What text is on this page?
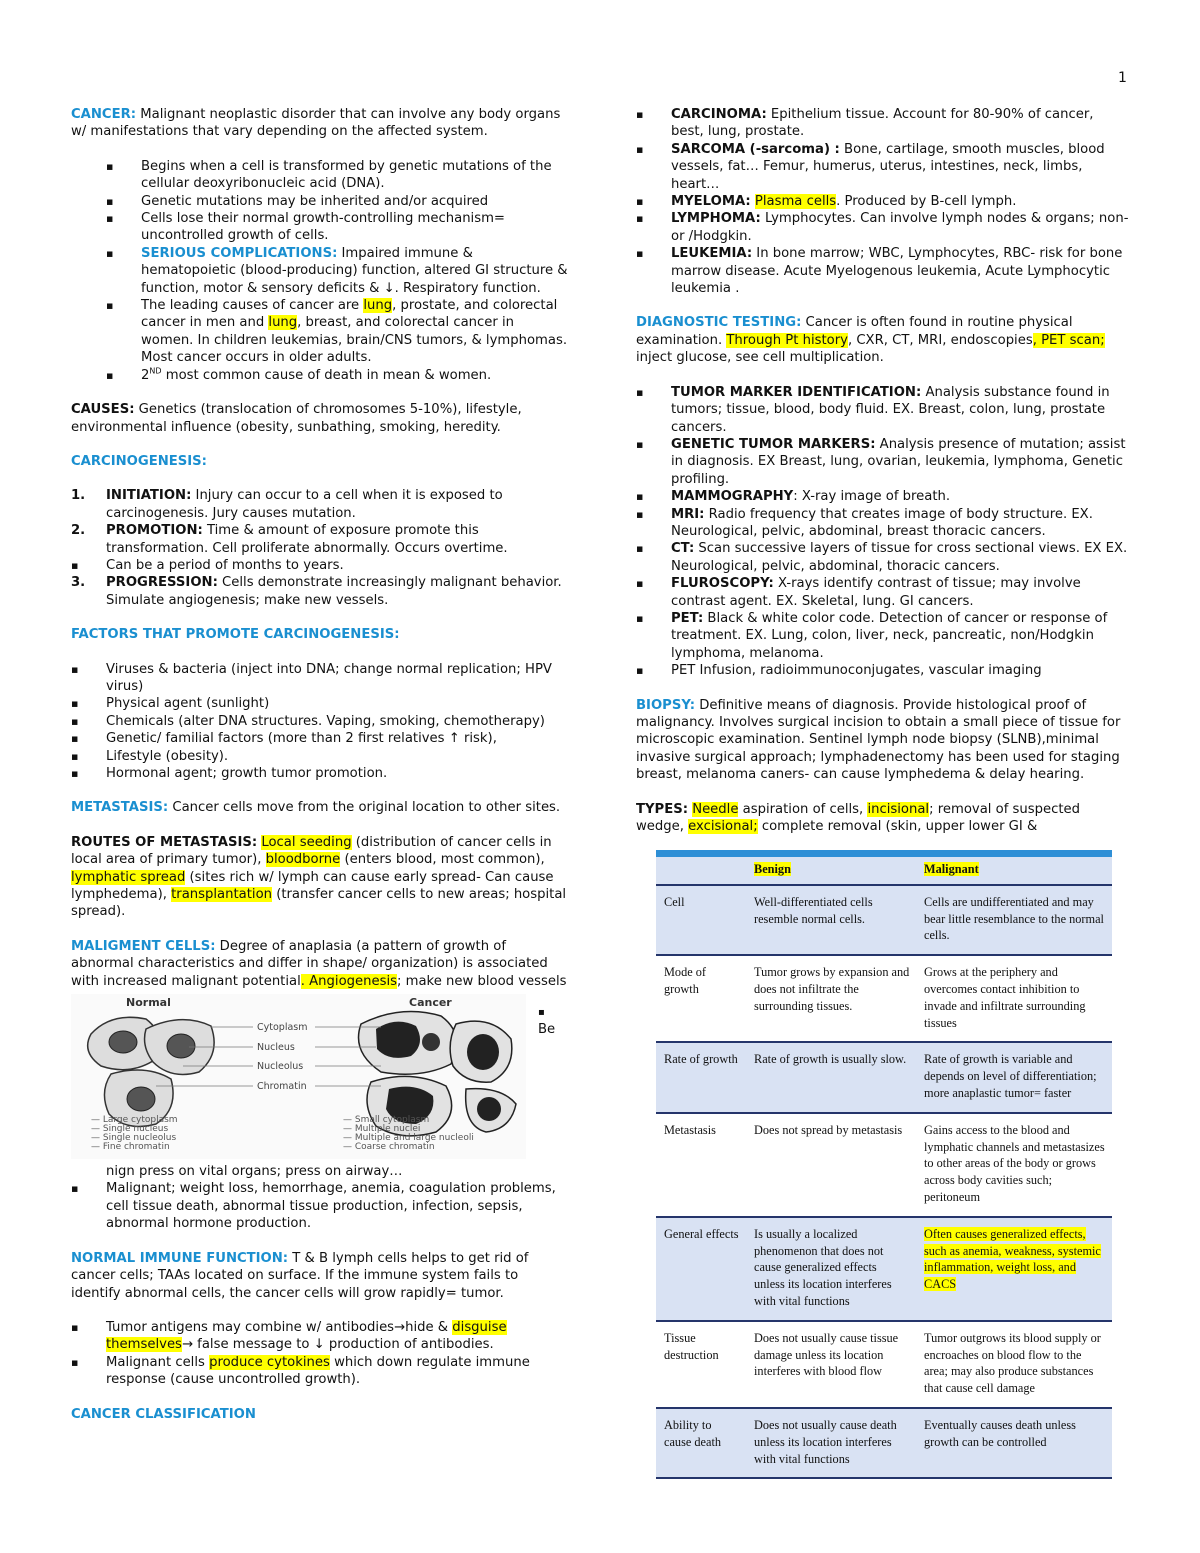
1

CANCER: Malignant neoplastic disorder that can involve any body organs w/ manifestations that vary depending on the affected system.

▪ Begins when a cell is transformed by genetic mutations of the cellular deoxyribonucleic acid (DNA).
▪ Genetic mutations may be inherited and/or acquired
▪ Cells lose their normal growth-controlling mechanism= uncontrolled growth of cells.
▪ SERIOUS COMPLICATIONS: Impaired immune & hematopoietic (blood-producing) function, altered GI structure & function, motor & sensory deficits & ↓. Respiratory function.
▪ The leading causes of cancer are lung, prostate, and colorectal cancer in men and lung, breast, and colorectal cancer in women. In children leukemias, brain/CNS tumors, & lymphomas. Most cancer occurs in older adults.
▪ 2ND most common cause of death in mean & women.

CAUSES: Genetics (translocation of chromosomes 5-10%), lifestyle, environmental influence (obesity, sunbathing, smoking, heredity.

CARCINOGENESIS:

1. INITIATION: Injury can occur to a cell when it is exposed to carcinogenesis. Jury causes mutation.
2. PROMOTION: Time & amount of exposure promote this transformation. Cell proliferate abnormally. Occurs overtime.
▪ Can be a period of months to years.
3. PROGRESSION: Cells demonstrate increasingly malignant behavior. Simulate angiogenesis; make new vessels.

FACTORS THAT PROMOTE CARCINOGENESIS:

▪ Viruses & bacteria (inject into DNA; change normal replication; HPV virus)
▪ Physical agent (sunlight)
▪ Chemicals (alter DNA structures. Vaping, smoking, chemotherapy)
▪ Genetic/ familial factors (more than 2 first relatives ↑ risk),
▪ Lifestyle (obesity).
▪ Hormonal agent; growth tumor promotion.

METASTASIS: Cancer cells move from the original location to other sites.

ROUTES OF METASTASIS: Local seeding (distribution of cancer cells in local area of primary tumor), bloodborne (enters blood, most common), lymphatic spread (sites rich w/ lymph can cause early spread- Can cause lymphedema), transplantation (transfer cancer cells to new areas; hospital spread).

MALIGMENT CELLS: Degree of anaplasia (a pattern of growth of abnormal characteristics and differ in shape/ organization) is associated with increased malignant potential. Angiogenesis; make new blood vessels

Normal	Cancer
Cytoplasm
Nucleus
Nucleolus
Chromatin
— Large cytoplasm
— Single nucleus
— Single nucleolus
— Fine chromatin
— Small cytoplasm
— Multiple nuclei
— Multiple and large nucleoli
— Coarse chromatin
▪
Be

nign press on vital organs; press on airway…

▪ Malignant; weight loss, hemorrhage, anemia, coagulation problems, cell tissue death, abnormal tissue production, infection, sepsis, abnormal hormone production.

NORMAL IMMUNE FUNCTION: T & B lymph cells helps to get rid of cancer cells; TAAs located on surface. If the immune system fails to identify abnormal cells, the cancer cells will grow rapidly= tumor.

▪ Tumor antigens may combine w/ antibodies→hide & disguise themselves→ false message to ↓ production of antibodies.
▪ Malignant cells produce cytokines which down regulate immune response (cause uncontrolled growth).

CANCER CLASSIFICATION

▪ CARCINOMA: Epithelium tissue. Account for 80-90% of cancer, best, lung, prostate.
▪ SARCOMA (-sarcoma) : Bone, cartilage, smooth muscles, blood vessels, fat… Femur, humerus, uterus, intestines, neck, limbs, heart…
▪ MYELOMA: Plasma cells. Produced by B-cell lymph.
▪ LYMPHOMA: Lymphocytes. Can involve lymph nodes & organs; non- or /Hodgkin.
▪ LEUKEMIA: In bone marrow; WBC, Lymphocytes, RBC- risk for bone marrow disease. Acute Myelogenous leukemia, Acute Lymphocytic leukemia .

DIAGNOSTIC TESTING: Cancer is often found in routine physical examination. Through Pt history, CXR, CT, MRI, endoscopies, PET scan; inject glucose, see cell multiplication.

▪ TUMOR MARKER IDENTIFICATION: Analysis substance found in tumors; tissue, blood, body fluid. EX. Breast, colon, lung, prostate cancers.
▪ GENETIC TUMOR MARKERS: Analysis presence of mutation; assist in diagnosis. EX Breast, lung, ovarian, leukemia, lymphoma, Genetic profiling.
▪ MAMMOGRAPHY: X-ray image of breath.
▪ MRI: Radio frequency that creates image of body structure. EX. Neurological, pelvic, abdominal, breast thoracic cancers.
▪ CT: Scan successive layers of tissue for cross sectional views. EX EX. Neurological, pelvic, abdominal, thoracic cancers.
▪ FLUROSCOPY: X-rays identify contrast of tissue; may involve contrast agent. EX. Skeletal, lung. GI cancers.
▪ PET: Black & white color code. Detection of cancer or response of treatment. EX. Lung, colon, liver, neck, pancreatic, non/Hodgkin lymphoma, melanoma.
▪ PET Infusion, radioimmunoconjugates, vascular imaging

BIOPSY: Definitive means of diagnosis. Provide histological proof of malignancy. Involves surgical incision to obtain a small piece of tissue for microscopic examination. Sentinel lymph node biopsy (SLNB),minimal invasive surgical approach; lymphadenectomy has been used for staging breast, melanoma caners- can cause lymphedema & delay hearing.

TYPES: Needle aspiration of cells, incisional; removal of suspected wedge, excisional; complete removal (skin, upper lower GI &

	Benign	Malignant
Cell	Well-differentiated cells resemble normal cells.	Cells are undifferentiated and may bear little resemblance to the normal cells.
Mode of growth	Tumor grows by expansion and does not infiltrate the surrounding tissues.	Grows at the periphery and overcomes contact inhibition to invade and infiltrate surrounding tissues
Rate of growth	Rate of growth is usually slow.	Rate of growth is variable and depends on level of differentiation; more anaplastic tumor= faster
Metastasis	Does not spread by metastasis	Gains access to the blood and lymphatic channels and metastasizes to other areas of the body or grows across body cavities such; peritoneum
General effects	Is usually a localized phenomenon that does not cause generalized effects unless its location interferes with vital functions	Often causes generalized effects, such as anemia, weakness, systemic inflammation, weight loss, and CACS
Tissue destruction	Does not usually cause tissue damage unless its location interferes with blood flow	Tumor outgrows its blood supply or encroaches on blood flow to the area; may also produce substances that cause cell damage
Ability to cause death	Does not usually cause death unless its location interferes with vital functions	Eventually causes death unless growth can be controlled
